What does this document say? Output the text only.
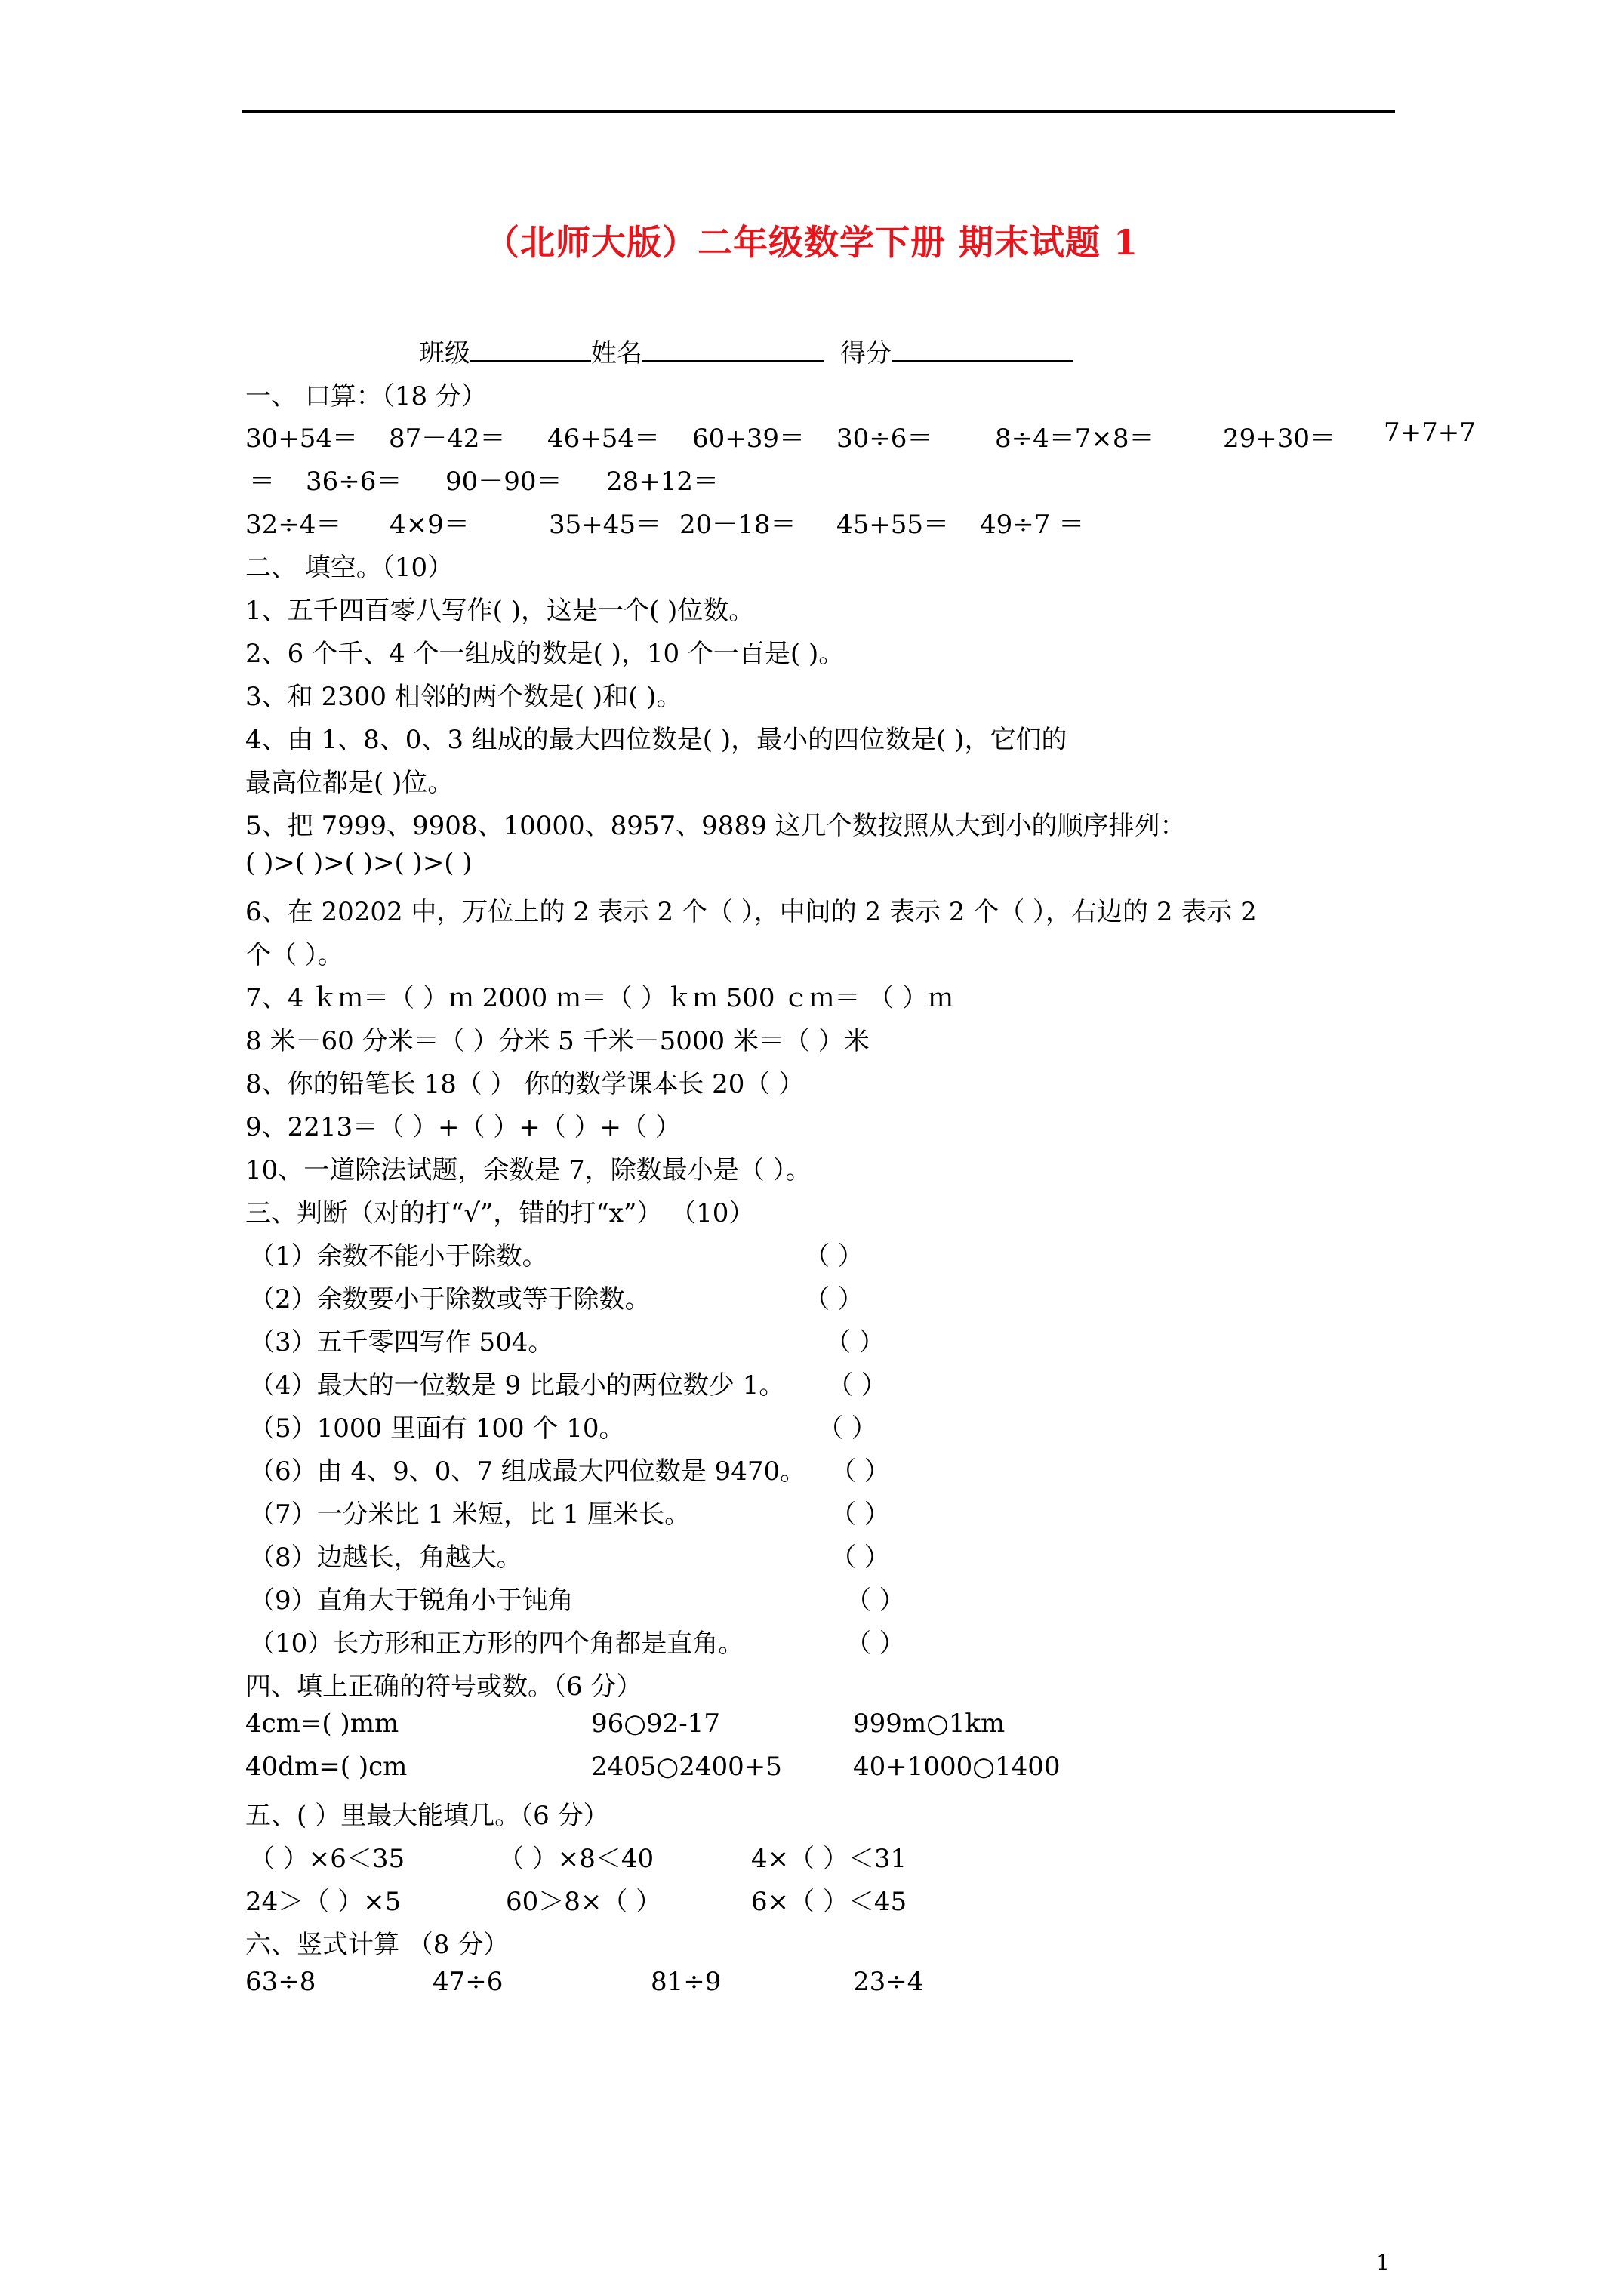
（北师大版）二年级数学下册 期末试题 1
班级	姓名	得分
一、 口算：（18 分）
30+54＝ 87－42＝ 46+54＝ 60+39＝ 30÷6＝ 8÷4＝7×8＝	29+30＝ 7+7+7
＝ 36÷6＝ 90－90＝ 28+12＝
32÷4＝ 4×9＝	35+45＝ 20－18＝ 45+55＝ 49÷7 ＝
二、 填空。（10）
1、五千四百零八写作( )，这是一个( )位数。
2、6 个千、4 个一组成的数是( )，10 个一百是( )。
3、和 2300 相邻的两个数是( )和( )。
4、由 1、8、0、3 组成的最大四位数是( )，最小的四位数是( )，它们的
最高位都是( )位。
5、把 7999、9908、10000、8957、9889 这几个数按照从大到小的顺序排列：
( )>( )>( )>( )>( )
6、在 20202 中，万位上的 2 表示 2 个（ ），中间的 2 表示 2 个（ ），右边的 2 表示 2
个（ ）。
7、4 ｋｍ＝（ ）ｍ 2000 ｍ＝（ ）ｋｍ 500 ｃｍ＝ （ ）ｍ
8 米－60 分米＝（ ）分米 5 千米－5000 米＝（ ）米
8、你的铅笔长 18（ ） 你的数学课本长 20（ ）
9、2213＝（ ）+（ ）+（ ）+（ ）
10、一道除法试题，余数是 7，除数最小是（ ）。
三、判断（对的打“√”，错的打“x”） （10）
（1）余数不能小于除数。	（ ）
（2）余数要小于除数或等于除数。	（ ）
（3）五千零四写作 504。	（ ）
（4）最大的一位数是 9 比最小的两位数少 1。 （ ）
（5）1000 里面有 100 个 10。	（ ）
（6）由 4、9、0、7 组成最大四位数是 9470。 （ ）
（7）一分米比 1 米短，比 1 厘米长。	（ ）
（8）边越长，角越大。	（ ）
（9）直角大于锐角小于钝角	（ ）
（10）长方形和正方形的四个角都是直角。	（ ）
四、填上正确的符号或数。（6 分）
4cm=( )mm	96○92-17	999m○1km
40dm=( )cm	2405○2400+5	40+1000○1400
五、( ）里最大能填几。（6 分）
（ ）×6＜35	（ ）×8＜40	4×（ ）＜31
24＞（ ）×5	60＞8×（ ）	6×（ ）＜45
六、竖式计算 （8 分）
63÷8	47÷6	81÷9	23÷4
1
